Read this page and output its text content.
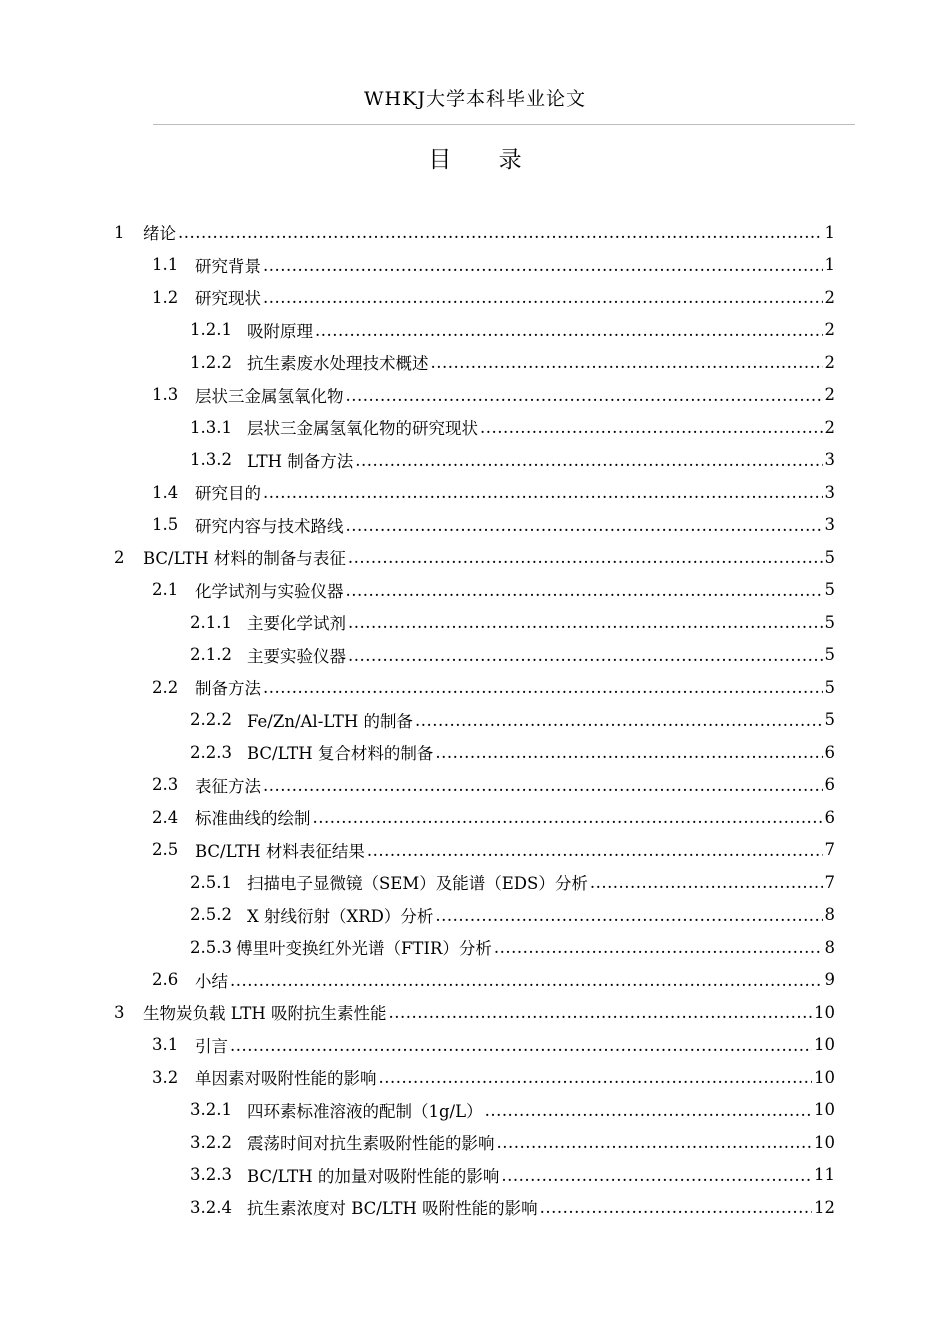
WHKJ大学本科毕业论文
目 录
1	绪论 .....	1
1.1	研究背景 .....	1
1.2	研究现状 .....	2
1.2.1 吸附原理 .....	2
1.2.2 抗生素废水处理技术概述 .....	2
1.3	层状三金属氢氧化物 .....	2
1.3.1 层状三金属氢氧化物的研究现状 .....	2
1.3.2 LTH 制备方法 .....	3
1.4	研究目的 .....	3
1.5	研究内容与技术路线 .....	3
2	BC/LTH 材料的制备与表征 .....	5
2.1	化学试剂与实验仪器 .....	5
2.1.1 主要化学试剂 .....	5
2.1.2 主要实验仪器 .....	5
2.2	制备方法 .....	5
2.2.2 Fe/Zn/Al-LTH 的制备 .....	5
2.2.3 BC/LTH 复合材料的制备 .....	6
2.3	表征方法 .....	6
2.4	标准曲线的绘制 .....	6
2.5	BC/LTH 材料表征结果 .....	7
2.5.1 扫描电子显微镜（SEM）及能谱（EDS）分析 .....	7
2.5.2 X 射线衍射（XRD）分析 .....	8
2.5.3 傅里叶变换红外光谱（FTIR）分析 .....	8
2.6	小结 .....	9
3	生物炭负载 LTH 吸附抗生素性能 .....	10
3.1	引言 .....	10
3.2	单因素对吸附性能的影响 .....	10
3.2.1 四环素标准溶液的配制（1g/L） .....	10
3.2.2 震荡时间对抗生素吸附性能的影响 .....	10
3.2.3 BC/LTH 的加量对吸附性能的影响 .....	11
3.2.4 抗生素浓度对 BC/LTH 吸附性能的影响 .....	12
